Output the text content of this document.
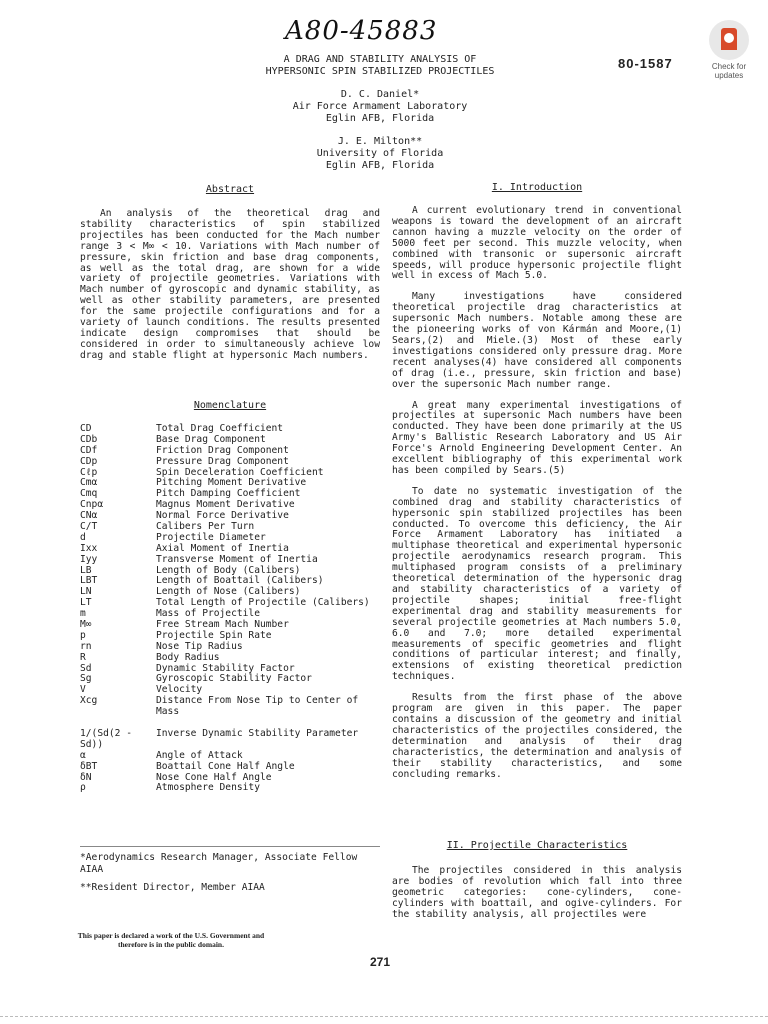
A80-45883
A DRAG AND STABILITY ANALYSIS OF
HYPERSONIC SPIN STABILIZED PROJECTILES
80-1587	Check for
updates
D. C. Daniel*
Air Force Armament Laboratory
Eglin AFB, Florida
J. E. Milton**
University of Florida
Eglin AFB, Florida
Abstract

An analysis of the theoretical drag and stability characteristics of spin stabilized projectiles has been conducted for the Mach number range 3 < M∞ < 10. Variations with Mach number of pressure, skin friction and base drag components, as well as the total drag, are shown for a wide variety of projectile geometries. Variations with Mach number of gyroscopic and dynamic stability, as well as other stability parameters, are presented for the same projectile configurations and for a variety of launch conditions. The results presented indicate design compromises that should be considered in order to simultaneously achieve low drag and stable flight at hypersonic Mach numbers.

Nomenclature
CD	Total Drag Coefficient
CDb	Base Drag Component
CDf	Friction Drag Component
CDp	Pressure Drag Component
Cℓp	Spin Deceleration Coefficient
Cmα	Pitching Moment Derivative
Cmq	Pitch Damping Coefficient
Cnpα	Magnus Moment Derivative
CNα	Normal Force Derivative
C/T	Calibers Per Turn
d	Projectile Diameter
Ixx	Axial Moment of Inertia
Iyy	Transverse Moment of Inertia
LB	Length of Body (Calibers)
LBT	Length of Boattail (Calibers)
LN	Length of Nose (Calibers)
LT	Total Length of Projectile (Calibers)
m	Mass of Projectile
M∞	Free Stream Mach Number
p	Projectile Spin Rate
rn	Nose Tip Radius
R	Body Radius
Sd	Dynamic Stability Factor
Sg	Gyroscopic Stability Factor
V	Velocity
Xcg	Distance From Nose Tip to Center of
Mass
1/(Sd(2 - Sd))
Inverse Dynamic Stability Parameter
α	Angle of Attack
δBT	Boattail Cone Half Angle
δN	Nose Cone Half Angle
ρ	Atmosphere Density
*Aerodynamics Research Manager, Associate Fellow AIAA
**Resident Director, Member AIAA
This paper is declared a work of the U.S. Government and therefore is in the public domain.
I. Introduction

A current evolutionary trend in conventional weapons is toward the development of an aircraft cannon having a muzzle velocity on the order of 5000 feet per second. This muzzle velocity, when combined with transonic or supersonic aircraft speeds, will produce hypersonic projectile flight well in excess of Mach 5.0.

Many investigations have considered theoretical projectile drag characteristics at supersonic Mach numbers. Notable among these are the pioneering works of von Kármán and Moore,(1) Sears,(2) and Miele.(3) Most of these early investigations considered only pressure drag. More recent analyses(4) have considered all components of drag (i.e., pressure, skin friction and base) over the supersonic Mach number range.

A great many experimental investigations of projectiles at supersonic Mach numbers have been conducted. They have been done primarily at the US Army's Ballistic Research Laboratory and US Air Force's Arnold Engineering Development Center. An excellent bibliography of this experimental work has been compiled by Sears.(5)

To date no systematic investigation of the combined drag and stability characteristics of hypersonic spin stabilized projectiles has been conducted. To overcome this deficiency, the Air Force Armament Laboratory has initiated a multiphase theoretical and experimental hypersonic projectile aerodynamics research program. This multiphased program consists of a preliminary theoretical determination of the hypersonic drag and stability characteristics of a variety of projectile shapes; initial free-flight experimental drag and stability measurements for several projectile geometries at Mach numbers 5.0, 6.0 and 7.0; more detailed experimental measurements of specific geometries and flight conditions of particular interest; and finally, extensions of existing theoretical prediction techniques.

Results from the first phase of the above program are given in this paper. The paper contains a discussion of the geometry and initial characteristics of the projectiles considered, the determination and analysis of their drag characteristics, the determination and analysis of their stability characteristics, and some concluding remarks.

II. Projectile Characteristics

The projectiles considered in this analysis are bodies of revolution which fall into three geometric categories: cone-cylinders, cone-cylinders with boattail, and ogive-cylinders. For the stability analysis, all projectiles were

271
